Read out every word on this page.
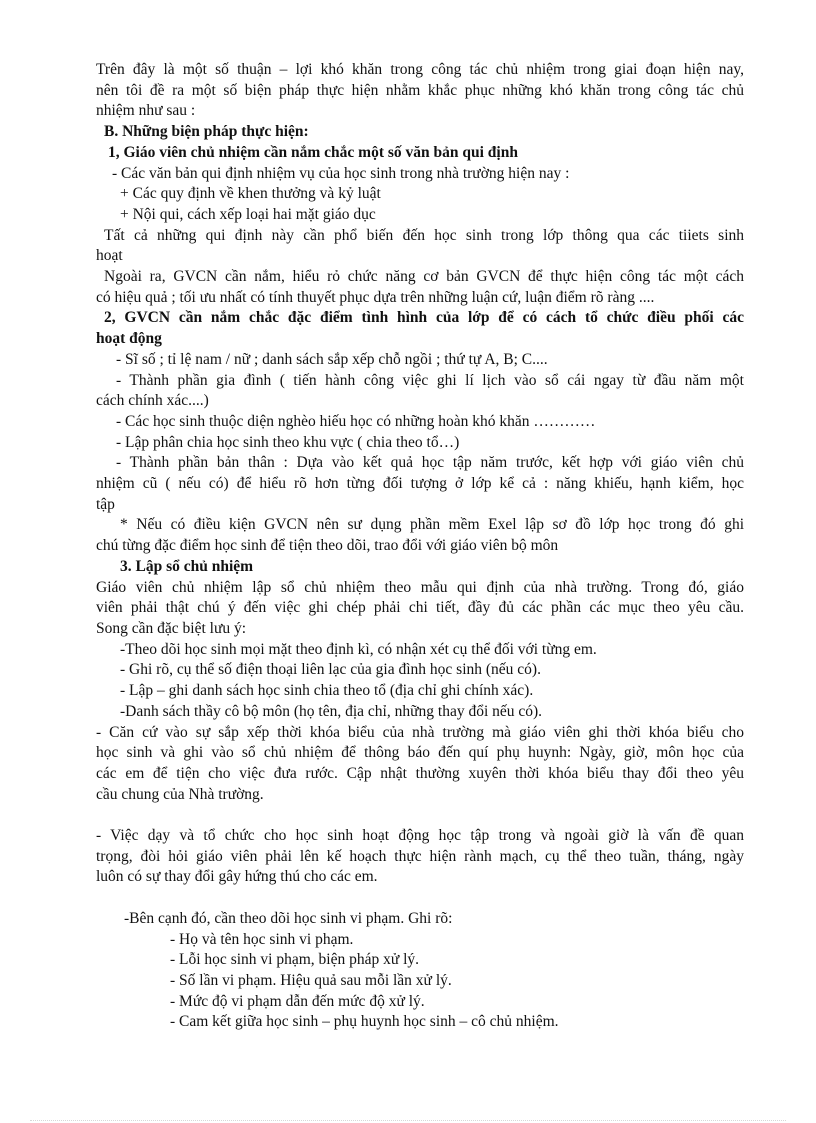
Trên đây là một số thuận – lợi khó khăn trong công tác chủ nhiệm trong giai đoạn hiện nay,

nên tôi đề ra một số biện pháp thực hiện nhằm khắc phục những khó khăn trong công tác chủ

nhiệm như sau :

B. Những biện pháp thực hiện:

1, Giáo viên chủ nhiệm cần nắm chắc một số văn bản qui định

- Các văn bản qui định nhiệm vụ của học sinh trong nhà trường hiện nay :

+ Các quy định về khen thưởng và kỷ luật

+ Nội qui, cách xếp loại hai mặt giáo dục

Tất cả những qui định này cần phổ biến đến học sinh trong lớp thông qua các tiiets sinh

hoạt

Ngoài ra, GVCN cần nắm, hiểu rỏ chức năng cơ bản GVCN để thực hiện công tác một cách

có hiệu quả ; tối ưu nhất có tính thuyết phục dựa trên những luận cứ, luận điểm rõ ràng ....

2, GVCN cần nắm chắc đặc điểm tình hình của lớp để có cách tổ chức điều phối các

hoạt động

- Sĩ số ; tỉ lệ nam / nữ ; danh sách sắp xếp chỗ ngồi ; thứ tự A, B; C....

- Thành phần gia đình ( tiến hành công việc ghi lí lịch vào sổ cái ngay từ đầu năm một

cách chính xác....)

- Các học sinh thuộc diện nghèo hiếu học có những hoàn khó khăn …………

- Lập phân chia học sinh theo khu vực ( chia theo tổ…)

- Thành phần bản thân : Dựa vào kết quả học tập năm trước, kết hợp với giáo viên chủ

nhiệm cũ ( nếu có) để hiểu rõ hơn từng đối tượng ở lớp kể cả : năng khiếu, hạnh kiểm, học

tập

* Nếu có điều kiện GVCN nên sư dụng phần mềm Exel lập sơ đồ lớp học trong đó ghi

chú từng đặc điểm học sinh để tiện theo dõi, trao đổi với giáo viên bộ môn

3. Lập sổ chủ nhiệm

Giáo viên chủ nhiệm lập sổ chủ nhiệm theo mẫu qui định của nhà trường. Trong đó, giáo

viên phải thật chú ý đến việc ghi chép phải chi tiết, đầy đủ các phần các mục theo yêu cầu.

Song cần đặc biệt lưu ý:

-Theo dõi học sinh mọi mặt theo định kì, có nhận xét cụ thể đối với từng em.

- Ghi rõ, cụ thể số điện thoại liên lạc của gia đình học sinh (nếu có).

- Lập – ghi danh sách học sinh chia theo tổ (địa chỉ ghi chính xác).

-Danh sách thầy cô bộ môn (họ tên, địa chỉ, những thay đổi nếu có).

- Căn cứ vào sự sắp xếp thời khóa biểu của nhà trường mà giáo viên ghi thời khóa biểu cho

học sinh và ghi vào sổ chủ nhiệm để thông báo đến quí phụ huynh: Ngày, giờ, môn học của

các em để tiện cho việc đưa rước. Cập nhật thường xuyên thời khóa biểu thay đổi theo yêu

cầu chung của Nhà trường.

- Việc dạy và tổ chức cho học sinh hoạt động học tập trong và ngoài giờ là vấn đề quan

trọng, đòi hỏi giáo viên phải lên kế hoạch thực hiện rành mạch, cụ thể theo tuần, tháng, ngày

luôn có sự thay đổi gây hứng thú cho các em.

-Bên cạnh đó, cần theo dõi học sinh vi phạm. Ghi rõ:

- Họ và tên học sinh vi phạm.

- Lỗi học sinh vi phạm, biện pháp xử lý.

- Số lần vi phạm. Hiệu quả sau mỗi lần xử lý.

- Mức độ vi phạm dẫn đến mức độ xử lý.

- Cam kết giữa học sinh – phụ huynh học sinh – cô chủ nhiệm.
